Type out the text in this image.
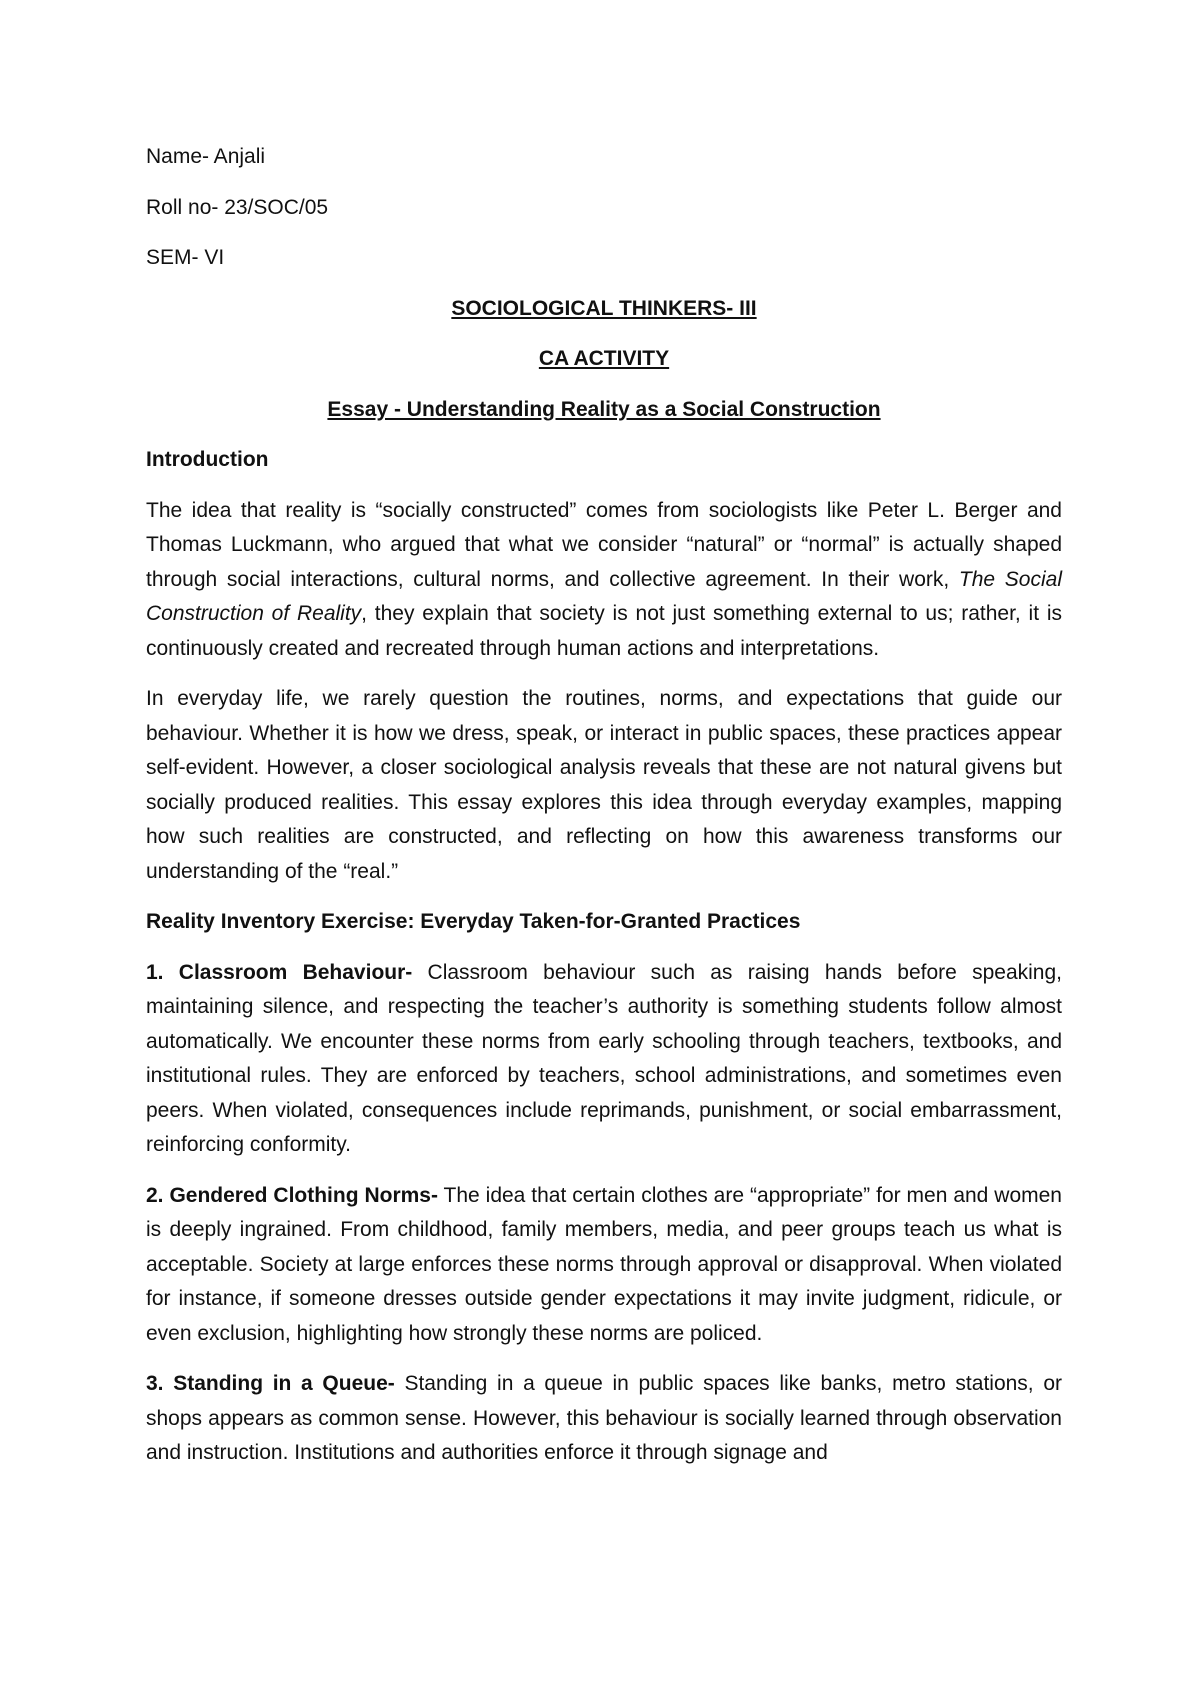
Name- Anjali

Roll no- 23/SOC/05

SEM- VI

SOCIOLOGICAL THINKERS- III

CA ACTIVITY

Essay - Understanding Reality as a Social Construction

Introduction

The idea that reality is “socially constructed” comes from sociologists like Peter L. Berger and Thomas Luckmann, who argued that what we consider “natural” or “normal” is actually shaped through social interactions, cultural norms, and collective agreement. In their work, The Social Construction of Reality, they explain that society is not just something external to us; rather, it is continuously created and recreated through human actions and interpretations.

In everyday life, we rarely question the routines, norms, and expectations that guide our behaviour. Whether it is how we dress, speak, or interact in public spaces, these practices appear self-evident. However, a closer sociological analysis reveals that these are not natural givens but socially produced realities. This essay explores this idea through everyday examples, mapping how such realities are constructed, and reflecting on how this awareness transforms our understanding of the “real.”

Reality Inventory Exercise: Everyday Taken-for-Granted Practices

1. Classroom Behaviour- Classroom behaviour such as raising hands before speaking, maintaining silence, and respecting the teacher’s authority is something students follow almost automatically. We encounter these norms from early schooling through teachers, textbooks, and institutional rules. They are enforced by teachers, school administrations, and sometimes even peers. When violated, consequences include reprimands, punishment, or social embarrassment, reinforcing conformity.

2. Gendered Clothing Norms- The idea that certain clothes are “appropriate” for men and women is deeply ingrained. From childhood, family members, media, and peer groups teach us what is acceptable. Society at large enforces these norms through approval or disapproval. When violated for instance, if someone dresses outside gender expectations it may invite judgment, ridicule, or even exclusion, highlighting how strongly these norms are policed.

3. Standing in a Queue- Standing in a queue in public spaces like banks, metro stations, or shops appears as common sense. However, this behaviour is socially learned through observation and instruction. Institutions and authorities enforce it through signage and
